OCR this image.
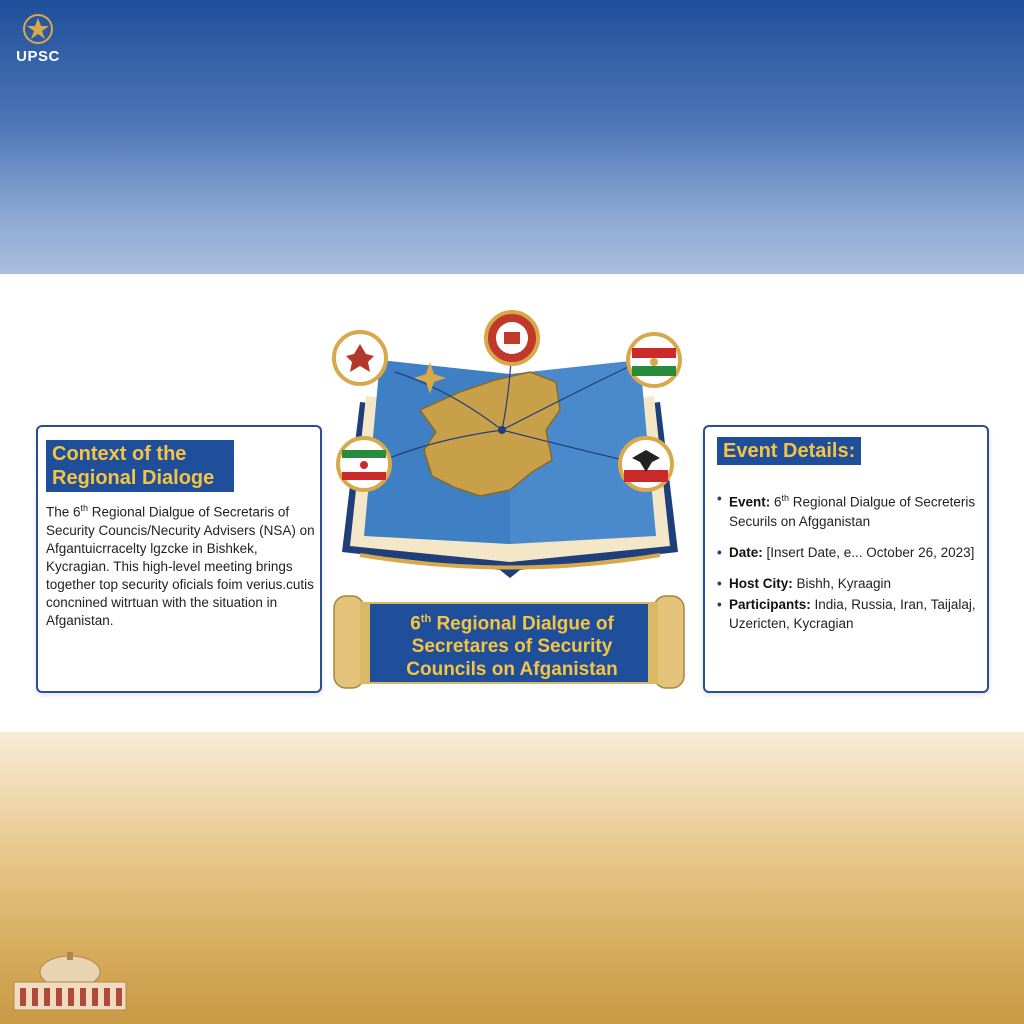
UPSC
Context of the Regional Dialoge
The 6th Regional Dialgue of Secretaris of Security Councis/Necurity Advisers (NSA) on Afgantuicrracelty lgzcke in Bishkek, Kycragian. This high-level meeting brings together top security oficials foim verius.cutis concnined witrtuan with the situation in Afganistan.	6th Regional Dialgue of Secretares of Security Councils on Afganistan
Event Details:
• Event: 6th Regional Dialgue of Secreteris Securils on Afgganistan
• Date: [Insert Date, e... October 26, 2023]
• Host City: Bishh, Kyraagin
• Participants: India, Russia, Iran, Taijalaj, Uzericten, Kycragian
